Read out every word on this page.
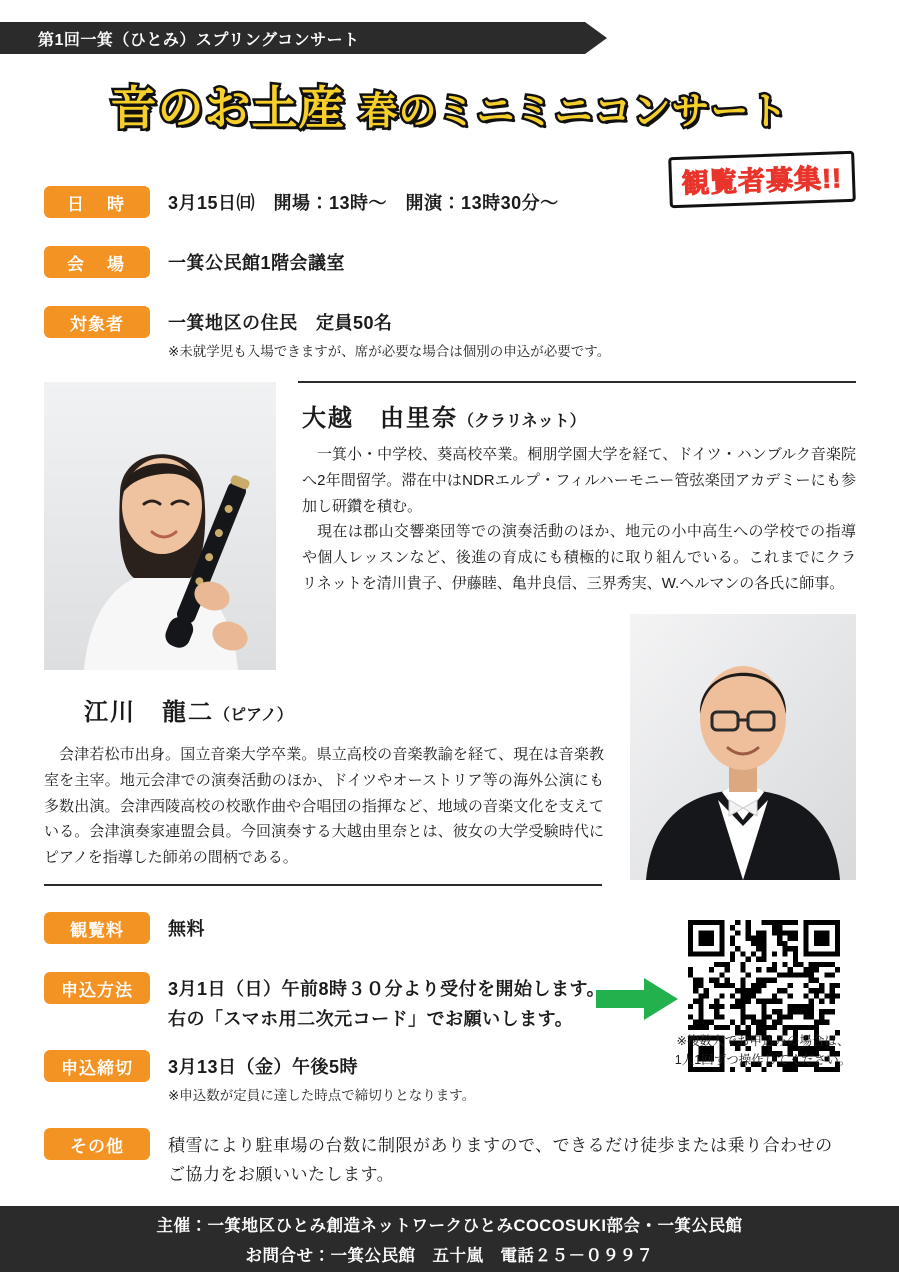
第1回一箕（ひとみ）スプリングコンサート
音のお土産 春のミニミニコンサート
観覧者募集!!
日　時	3月15日㈰　開場：13時〜　開演：13時30分〜
会　場	一箕公民館1階会議室
対象者	一箕地区の住民　定員50名
※未就学児も入場できますが、席が必要な場合は個別の申込が必要です。
大越　由里奈（クラリネット）

一箕小・中学校、葵高校卒業。桐朋学園大学を経て、ドイツ・ハンブルク音楽院へ2年間留学。滞在中はNDRエルプ・フィルハーモニー管弦楽団アカデミーにも参加し研鑽を積む。

現在は郡山交響楽団等での演奏活動のほか、地元の小中高生への学校での指導や個人レッスンなど、後進の育成にも積極的に取り組んでいる。これまでにクラリネットを清川貴子、伊藤睦、亀井良信、三界秀実、W.ヘルマンの各氏に師事。

江川　龍二（ピアノ）

会津若松市出身。国立音楽大学卒業。県立高校の音楽教諭を経て、現在は音楽教室を主宰。地元会津での演奏活動のほか、ドイツやオーストリア等の海外公演にも多数出演。会津西陵高校の校歌作曲や合唱団の指揮など、地域の音楽文化を支えている。会津演奏家連盟会員。今回演奏する大越由里奈とは、彼女の大学受験時代にピアノを指導した師弟の間柄である。

観覧料	無料
申込方法	3月1日（日）午前8時３０分より受付を開始します。
右の「スマホ用二次元コード」でお願いします。
申込締切	3月13日（金）午後5時
※申込数が定員に達した時点で締切りとなります。
その他	積雪により駐車場の台数に制限がありますので、できるだけ徒歩または乗り合わせの
ご協力をお願いいたします。
※複数人でお申込みの場合は、
1人1回ずつ操作してください。
主催：一箕地区ひとみ創造ネットワークひとみCOCOSUKI部会・一箕公民館
お問合せ：一箕公民館　五十嵐　電話２５－０９９７
